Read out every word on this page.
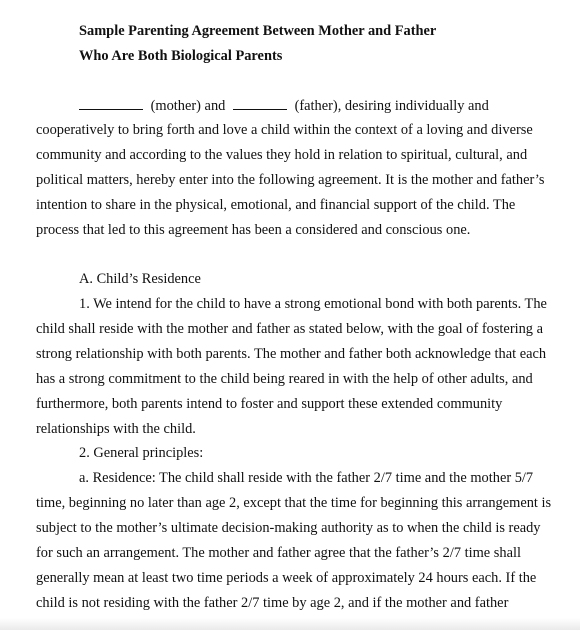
Sample Parenting Agreement Between Mother and Father
Who Are Both Biological Parents
(mother) and	(father), desiring individually and
cooperatively to bring forth and love a child within the context of a loving and diverse
community and according to the values they hold in relation to spiritual, cultural, and
political matters, hereby enter into the following agreement. It is the mother and father’s
intention to share in the physical, emotional, and financial support of the child. The
process that led to this agreement has been a considered and conscious one.
A. Child’s Residence
1. We intend for the child to have a strong emotional bond with both parents. The
child shall reside with the mother and father as stated below, with the goal of fostering a
strong relationship with both parents. The mother and father both acknowledge that each
has a strong commitment to the child being reared in with the help of other adults, and
furthermore, both parents intend to foster and support these extended community
relationships with the child.
2. General principles:
a. Residence: The child shall reside with the father 2/7 time and the mother 5/7
time, beginning no later than age 2, except that the time for beginning this arrangement is
subject to the mother’s ultimate decision-making authority as to when the child is ready
for such an arrangement. The mother and father agree that the father’s 2/7 time shall
generally mean at least two time periods a week of approximately 24 hours each. If the
child is not residing with the father 2/7 time by age 2, and if the mother and father
